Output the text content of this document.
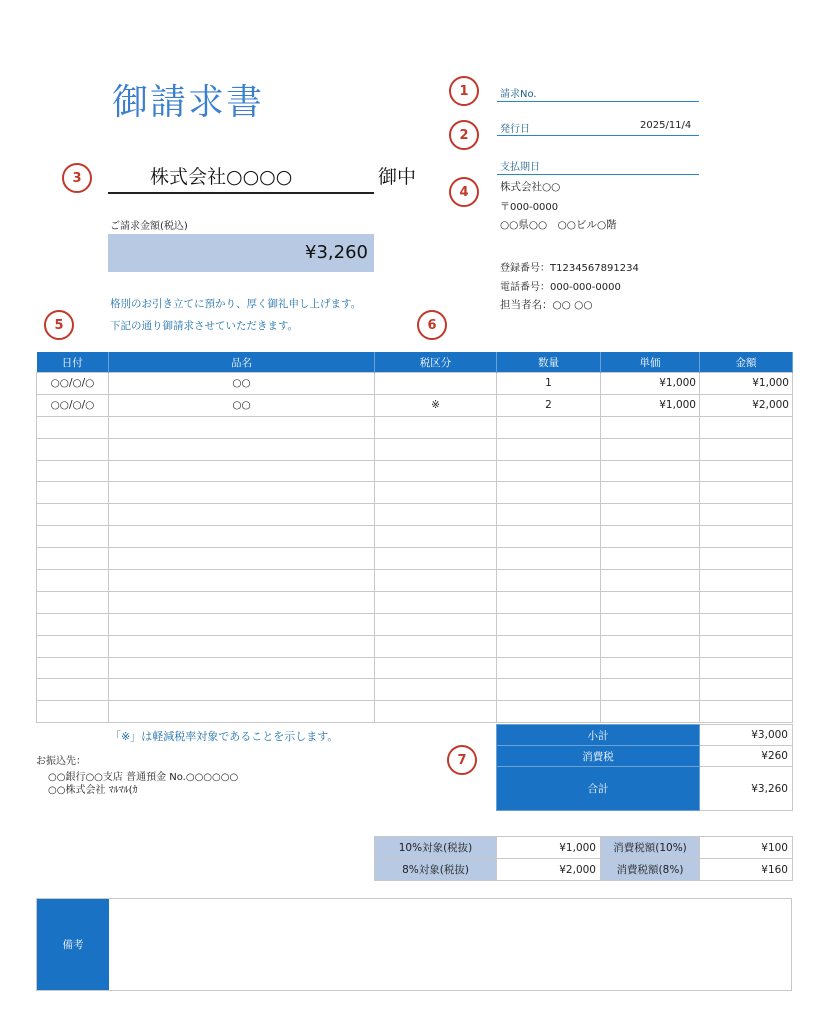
御請求書	1
2
3
4
5	6
7
請求No.
発行日	2025/11/4
支払期日
株式会社○○
〒000-0000
○○県○○　○○ビル○階
登録番号：T1234567891234
電話番号：000-000-0000
担当者名：○○ ○○
株式会社○○○○	御中
ご請求金額(税込)
¥3,260
格別のお引き立てに預かり、厚く御礼申し上げます。
下記の通り御請求させていただきます。
日付	品名	税区分	数量	単価	金額
○○/○/○	○○		1	¥1,000	¥1,000
○○/○/○	○○	※	2	¥1,000	¥2,000

「※」は軽減税率対象であることを示します。
お振込先：
○○銀行○○支店 普通預金 No.○○○○○○
○○株式会社 ﾏﾙﾏﾙ(ｶ
小計	¥3,000
消費税	¥260
合計	¥3,260
10%対象(税抜)	¥1,000	消費税額(10%)	¥100
8%対象(税抜)	¥2,000	消費税額(8%)	¥160
備考
